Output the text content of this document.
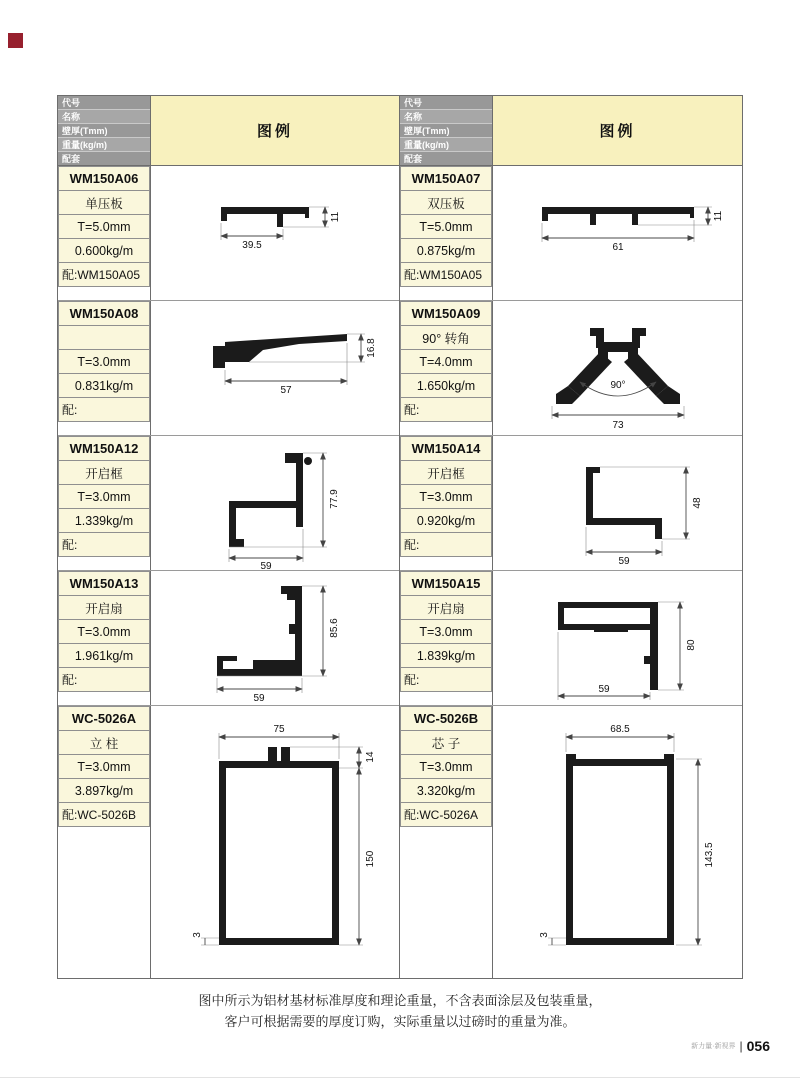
代号
名称
壁厚(Tmm)
重量(kg/m)
配套
图例
WM150A06
单压板
T=5.0mm
0.600kg/m
配:WM150A05
39.5
11
WM150A08
T=3.0mm
0.831kg/m
配:
57
16.8
WM150A12
开启框
T=3.0mm
1.339kg/m
配:
59
77.9
WM150A13
开启扇
T=3.0mm
1.961kg/m
配:
85.6
59
WC-5026A
立 柱
T=3.0mm
3.897kg/m
配:WC-5026B
75
14
150
3
代号
名称
壁厚(Tmm)
重量(kg/m)
配套
图例
WM150A07
双压板
T=5.0mm
0.875kg/m
配:WM150A05
61
11
WM150A09
90° 转角
T=4.0mm
1.650kg/m
配:
90°
73
WM150A14
开启框
T=3.0mm
0.920kg/m
配:
59
48
WM150A15
开启扇
T=3.0mm
1.839kg/m
配:
80
59
WC-5026B
芯 子
T=3.0mm
3.320kg/m
配:WC-5026A
68.5
143.5
3
图中所示为铝材基材标准厚度和理论重量，不含表面涂层及包装重量，
客户可根据需要的厚度订购，实际重量以过磅时的重量为准。
新力量·新视界 | 056
